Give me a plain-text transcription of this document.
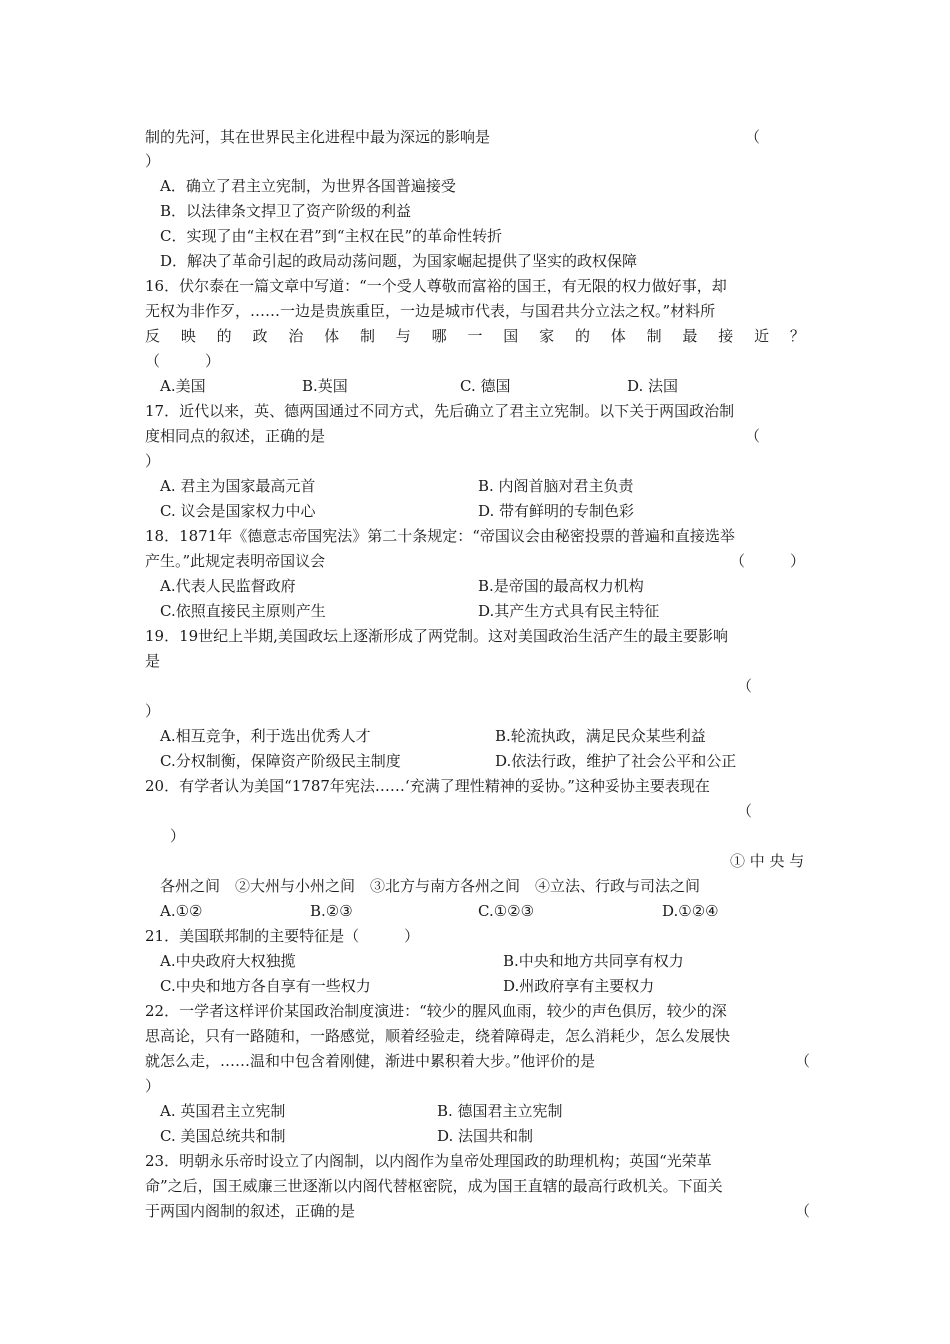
制的先河，其在世界民主化进程中最为深远的影响是	（
）
A．确立了君主立宪制，为世界各国普遍接受
B．以法律条文捍卫了资产阶级的利益
C．实现了由“主权在君”到“主权在民”的革命性转折
D．解决了革命引起的政局动荡问题，为国家崛起提供了坚实的政权保障
16．伏尔泰在一篇文章中写道：“一个受人尊敬而富裕的国王，有无限的权力做好事，却
无权为非作歹，……一边是贵族重臣，一边是城市代表，与国君共分立法之权。”材料所
反 映 的 政 治 体 制 与 哪 一 国 家 的 体 制 最 接 近 ？
（　　　）
A.美国	B.英国	C. 德国	D. 法国
17．近代以来，英、德两国通过不同方式，先后确立了君主立宪制。以下关于两国政治制
度相同点的叙述，正确的是	（
）
A. 君主为国家最高元首	B. 内阁首脑对君主负责
C. 议会是国家权力中心	D. 带有鲜明的专制色彩
18．1871年《德意志帝国宪法》第二十条规定：“帝国议会由秘密投票的普遍和直接选举
产生。”此规定表明帝国议会	（　　　）
A.代表人民监督政府	B.是帝国的最高权力机构
C.依照直接民主原则产生	D.其产生方式具有民主特征
19．19世纪上半期,美国政坛上逐渐形成了两党制。这对美国政治生活产生的最主要影响
是
（
）
A.相互竞争，利于选出优秀人才	B.轮流执政，满足民众某些利益
C.分权制衡，保障资产阶级民主制度	D.依法行政，维护了社会公平和公正
20．有学者认为美国“1787年宪法……‘充满了理性精神的妥协。”这种妥协主要表现在
（
）
① 中 央 与
各州之间　②大州与小州之间　③北方与南方各州之间　④立法、行政与司法之间
A.①②	B.②③	C.①②③	D.①②④
21．美国联邦制的主要特征是（　　　）
A.中央政府大权独揽	B.中央和地方共同享有权力
C.中央和地方各自享有一些权力	D.州政府享有主要权力
22．一学者这样评价某国政治制度演进：“较少的腥风血雨，较少的声色俱厉，较少的深
思高论，只有一路随和，一路感觉，顺着经验走，绕着障碍走，怎么消耗少，怎么发展快
就怎么走，……温和中包含着刚健，渐进中累积着大步。”他评价的是	（
）
A. 英国君主立宪制	B. 德国君主立宪制
C. 美国总统共和制	D. 法国共和制
23．明朝永乐帝时设立了内阁制，以内阁作为皇帝处理国政的助理机构；英国“光荣革
命”之后，国王威廉三世逐渐以内阁代替枢密院，成为国王直辖的最高行政机关。下面关
于两国内阁制的叙述，正确的是	（
